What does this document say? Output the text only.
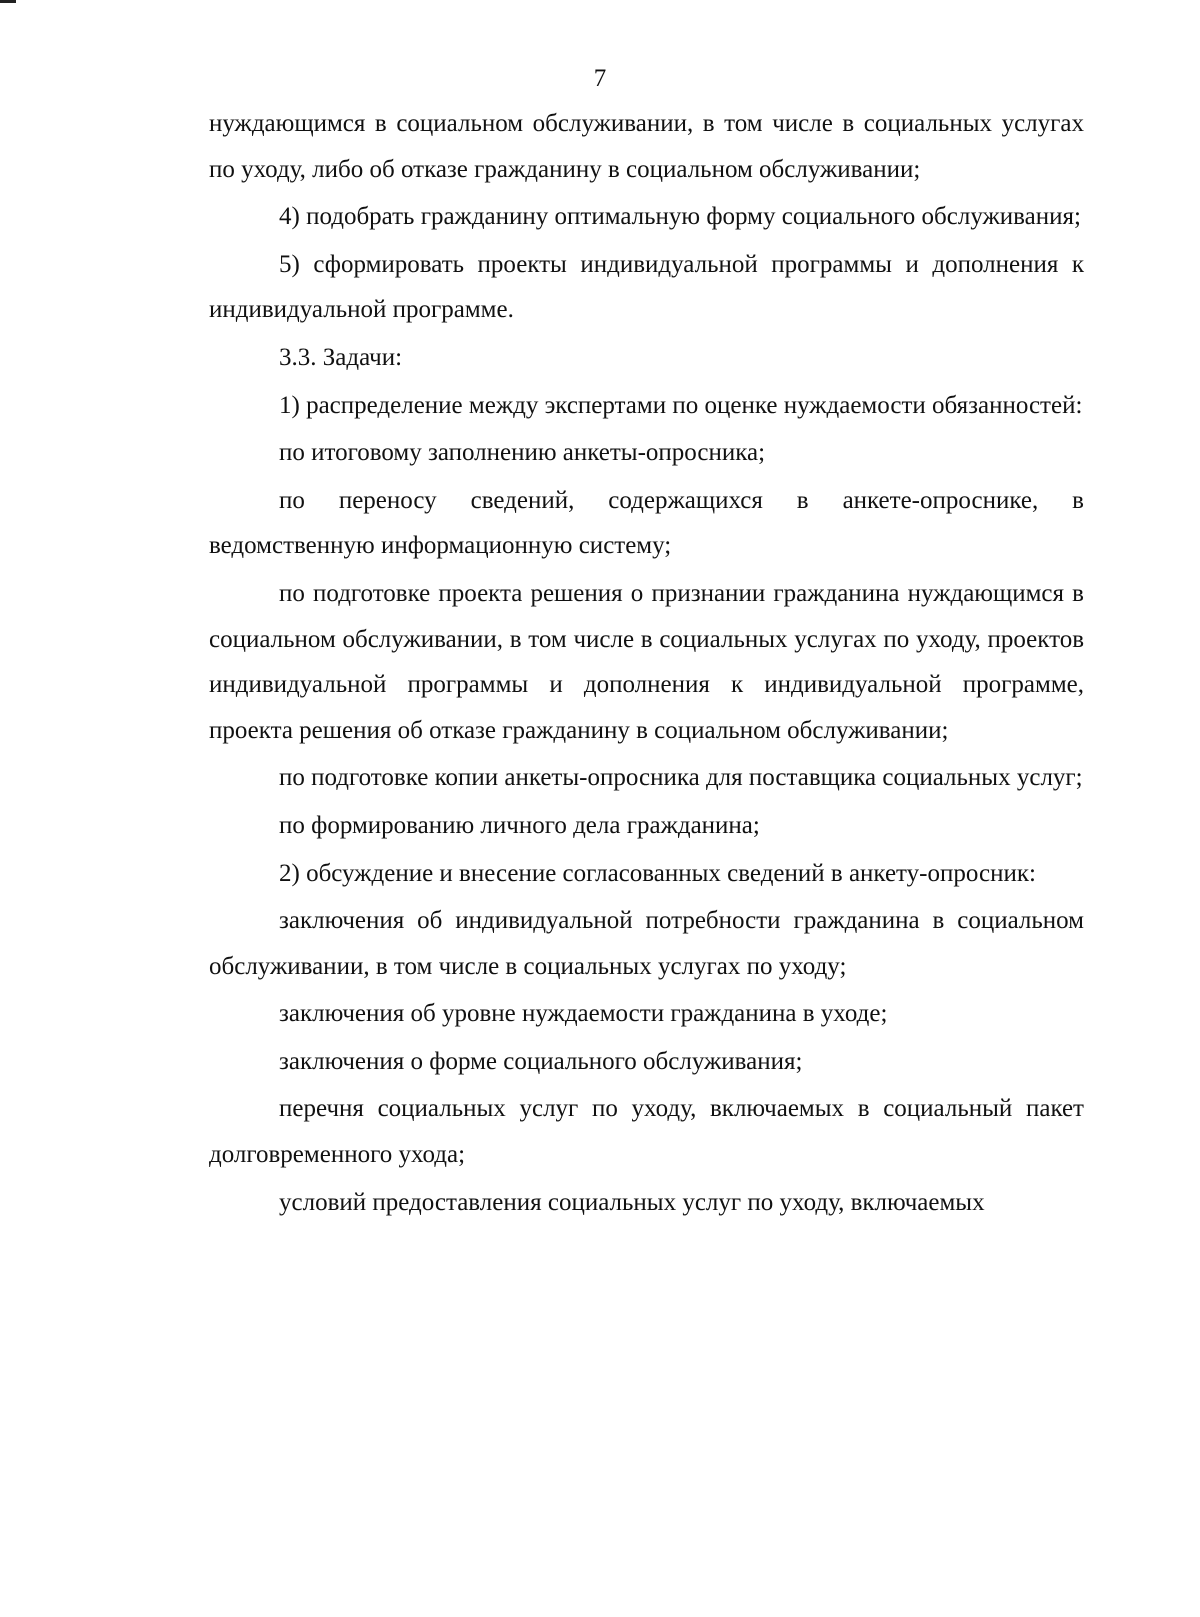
7

нуждающимся в социальном обслуживании, в том числе в социальных услугах по уходу, либо об отказе гражданину в социальном обслуживании;

4) подобрать гражданину оптимальную форму социального обслуживания;

5) сформировать проекты индивидуальной программы и дополнения к индивидуальной программе.

3.3. Задачи:

1) распределение между экспертами по оценке нуждаемости обязанностей:

по итоговому заполнению анкеты-опросника;

по переносу сведений, содержащихся в анкете-опроснике, в ведомственную информационную систему;

по подготовке проекта решения о признании гражданина нуждающимся в социальном обслуживании, в том числе в социальных услугах по уходу, проектов индивидуальной программы и дополнения к индивидуальной программе, проекта решения об отказе гражданину в социальном обслуживании;

по подготовке копии анкеты-опросника для поставщика социальных услуг;

по формированию личного дела гражданина;

2) обсуждение и внесение согласованных сведений в анкету-опросник:

заключения об индивидуальной потребности гражданина в социальном обслуживании, в том числе в социальных услугах по уходу;

заключения об уровне нуждаемости гражданина в уходе;

заключения о форме социального обслуживания;

перечня социальных услуг по уходу, включаемых в социальный пакет долговременного ухода;

условий предоставления социальных услуг по уходу, включаемых
